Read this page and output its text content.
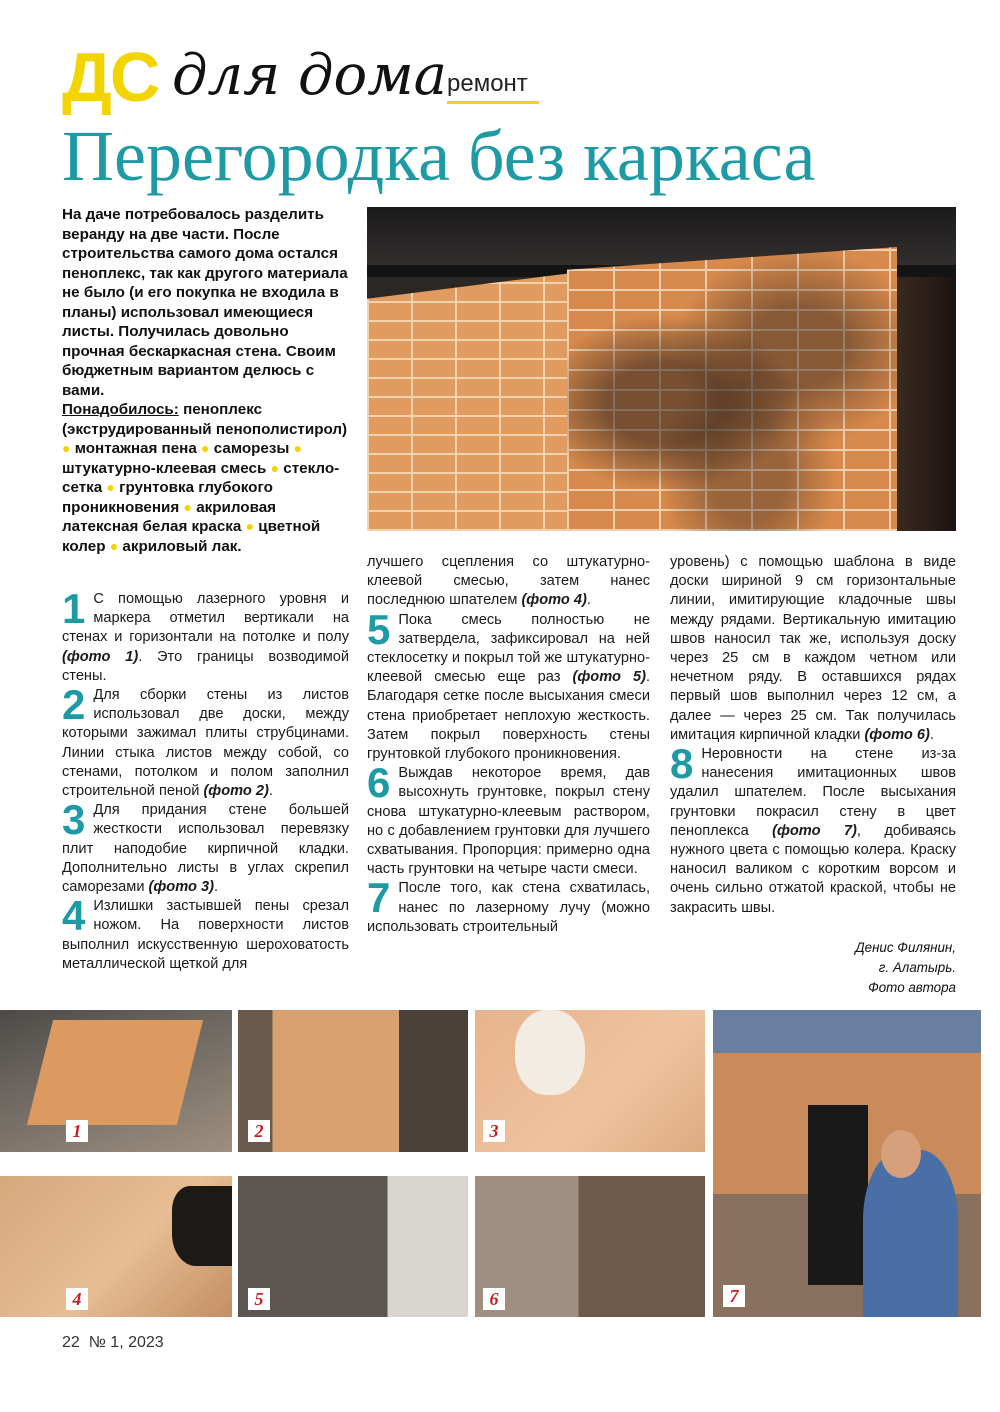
ДС для дома ремонт
Перегородка без каркаса
На даче потребовалось разделить веранду на две части. После строительства самого дома остался пеноплекс, так как другого материала не было (и его покупка не входила в планы) использовал имеющиеся листы. Получилась довольно прочная бескаркасная стена. Своим бюджетным вариантом делюсь с вами.
Понадобилось: пеноплекс (экструдированный пенополистирол) ● монтажная пена ● саморезы ● штукатурно-клеевая смесь ● стекло-сетка ● грунтовка глубокого проникновения ● акриловая латексная белая краска ● цветной колер ● акриловый лак.

1 С помощью лазерного уровня и маркера отметил вертикали на стенах и горизонтали на потолке и полу (фото 1). Это границы возводимой стены.

2 Для сборки стены из листов использовал две доски, между которыми зажимал плиты струбцинами. Линии стыка листов между собой, со стенами, потолком и полом заполнил строительной пеной (фото 2).

3 Для придания стене большей жесткости использовал перевязку плит наподобие кирпичной кладки. Дополнительно листы в углах скрепил саморезами (фото 3).

4 Излишки застывшей пены срезал ножом. На поверхности листов выполнил искусственную шероховатость металлической щеткой для

лучшего сцепления со штукатурно-клеевой смесью, затем нанес последнюю шпателем (фото 4).

5 Пока смесь полностью не затвердела, зафиксировал на ней стеклосетку и покрыл той же штукатурно-клеевой смесью еще раз (фото 5). Благодаря сетке после высыхания смеси стена приобретает неплохую жесткость. Затем покрыл поверхность стены грунтовкой глубокого проникновения.

6 Выждав некоторое время, дав высохнуть грунтовке, покрыл стену снова штукатурно-клеевым раствором, но с добавлением грунтовки для лучшего схватывания. Пропорция: примерно одна часть грунтовки на четыре части смеси.

7 После того, как стена схватилась, нанес по лазерному лучу (можно использовать строительный

уровень) с помощью шаблона в виде доски шириной 9 см горизонтальные линии, имитирующие кладочные швы между рядами. Вертикальную имитацию швов наносил так же, используя доску через 25 см в каждом четном или нечетном ряду. В оставшихся рядах первый шов выполнил через 12 см, а далее — через 25 см. Так получилась имитация кирпичной кладки (фото 6).

8 Неровности на стене из-за нанесения имитационных швов удалил шпателем. После высыхания грунтовки покрасил стену в цвет пеноплекса (фото 7), добиваясь нужного цвета с помощью колера. Краску наносил валиком с коротким ворсом и очень сильно отжатой краской, чтобы не закрасить швы.

Денис Филянин,
г. Алатырь.
Фото автора
1	2	3
7
4	5	6
22 № 1, 2023
